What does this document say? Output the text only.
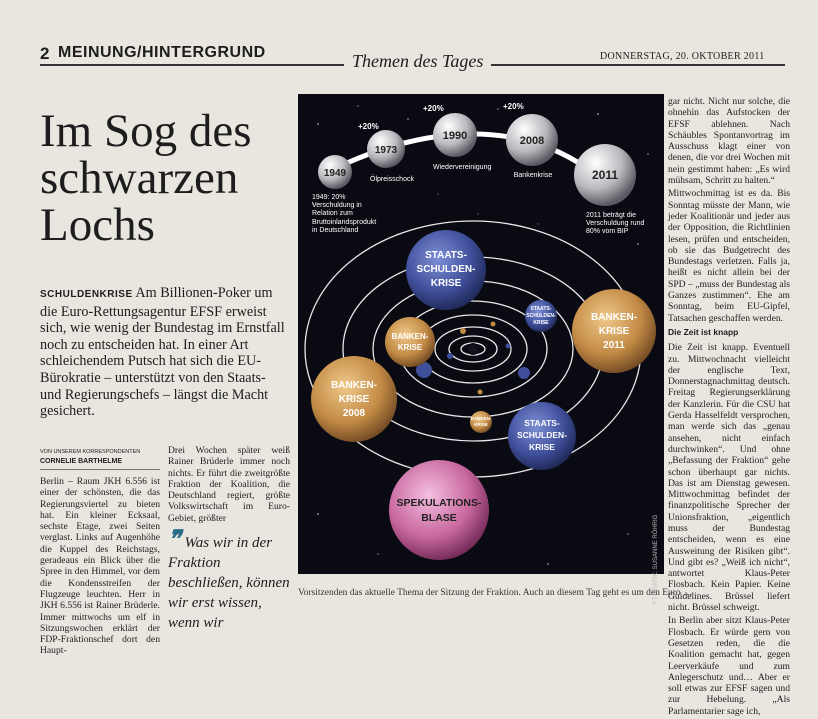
2 MEINUNG/HINTERGRUND	Themen des Tages	DONNERSTAG, 20. OKTOBER 2011
Im Sog des schwarzen Lochs
SCHULDENKRISE Am Billionen-Poker um die Euro-Rettungsagentur EFSF erweist sich, wie wenig der Bundestag im Ernstfall noch zu entscheiden hat. In einer Art schleichendem Putsch hat sich die EU-Bürokratie – unterstützt von den Staats- und Regierungschefs – längst die Macht gesichert.
VON UNSEREM KORRESPONDENTEN
CORNELIE BARTHELME
Berlin – Raum JKH 6.556 ist einer der schönsten, die das Regierungsviertel zu bieten hat. Ein kleiner Ecksaal, sechste Etage, zwei Seiten verglast. Links auf Augenhöhe die Kuppel des Reichstags, geradeaus ein Blick über die Spree in den Himmel, vor dem die Kondensstreifen der Flugzeuge leuchten. Herr in JKH 6.556 ist Rainer Brüderle. Immer mittwochs um elf in Sitzungswochen erklärt der FDP-Fraktionschef dort den Haupt-
Drei Wochen später weiß Rainer Brüderle immer noch nichts. Er führt die zweitgrößte Fraktion der Koalition, die Deutschland regiert, größte Volkswirtschaft im Euro-Gebiet, größter
❞ Was wir in der Fraktion beschließen, können wir erst wissen, wenn wir

gar nicht. Nicht nur solche, die ohnehin das Aufstocken der EFSF ablehnen. Nach Schäubles Spontanvortrag im Ausschuss klagt einer von denen, die vor drei Wochen mit nein gestimmt haben: „Es wird mühsam, Schritt zu halten.“

Mittwochmittag ist es da. Bis Sonntag müsste der Mann, wie jeder Koalitionär und jeder aus der Opposition, die Richtlinien lesen, prüfen und entscheiden, ob sie das Budgetrecht des Bundestags verletzen. Falls ja, heißt es nicht allein bei der SPD – „muss der Bundestag als Ganzes zustimmen“. Ehe am Sonntag, beim EU-Gipfel, Tatsachen geschaffen werden.

Die Zeit ist knapp

Die Zeit ist knapp. Eventuell zu. Mittwochnacht vielleicht der englische Text, Donnerstagnachmittag deutsch. Freitag Regierungserklärung der Kanzlerin. Für die CSU hat Gerda Hasselfeldt versprochen, man werde sich das „genau ansehen, nicht einfach durchwinken“. Und ohne „Befassung der Fraktion“ gehe schon überhaupt gar nichts. Das ist am Dienstag gewesen. Mittwochmittag befindet der finanzpolitische Sprecher der Unionsfraktion, „eigentlich muss der Bundestag entscheiden, wenn es eine Ausweitung der Risiken gibt“. Und gibt es? „Weiß ich nicht“, antwortet Klaus-Peter Flosbach. Kein Papier. Keine Guidelines. Brüssel liefert nicht. Brüssel schweigt.

In Berlin aber sitzt Klaus-Peter Flosbach. Er würde gern von Gesetzen reden, die die Koalition gemacht hat, gegen Leerverkäufe und zum Anlegerschutz und… Aber er soll etwas zur EFSF sagen und zur Hebelung. „Als Parlamentarier sage ich,

1949
1973
1990	2008
2011
+20%
+20%	+20%
1949: 20% Verschuldung in Relation zum Bruttoinlandsprodukt in Deutschland
Ölpreisschock
Wiedervereinigung
Bankenkrise
2011 beträgt die Verschuldung rund 80% vom BIP
STAATS-
SCHULDEN-
KRISE
BANKEN-
KRISE
2011
BANKEN-
KRISE
BANKEN-
KRISE
2008
STAATS-
SCHULDEN-
KRISE
SPEKULATIONS-
BLASE
STAATS-
SCHULDEN-
KRISE
BANKEN-
KRISE
FT-GRAFIK: SUSANNE RÖHRIG
Vorsitzenden das aktuelle Thema der Sitzung der Fraktion. Auch an diesem Tag geht es um den Euro …
